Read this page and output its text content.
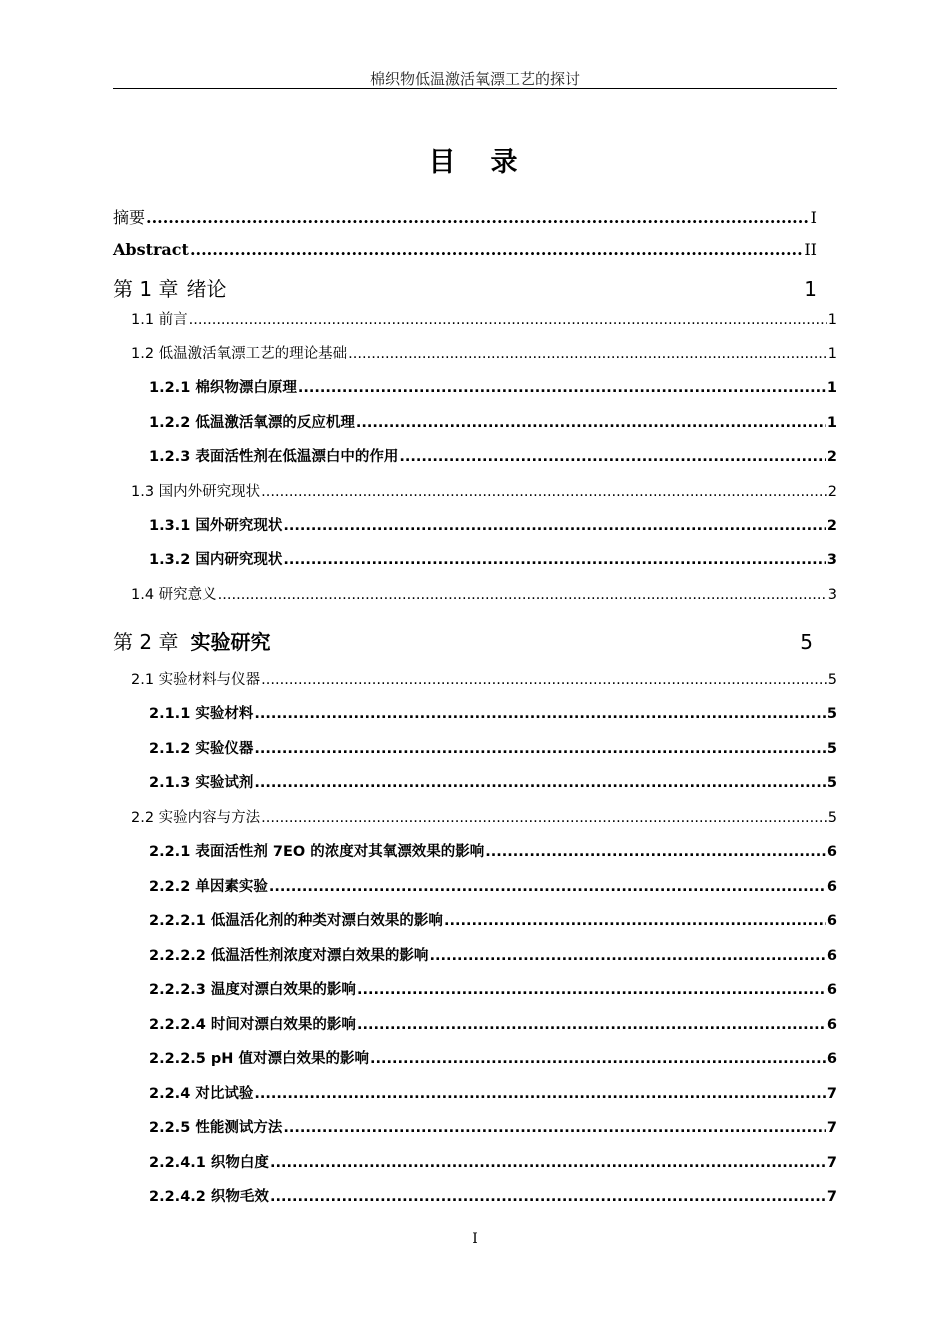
棉织物低温激活氧漂工艺的探讨
目　录
摘要 .....	I
Abstract .....	II
第 1 章 绪论	1
1.1 前言 .....	1
1.2 低温激活氧漂工艺的理论基础 .....	1
1.2.1 棉织物漂白原理 .....	1
1.2.2 低温激活氧漂的反应机理 .....	1
1.2.3 表面活性剂在低温漂白中的作用 .....	2
1.3 国内外研究现状 .....	2
1.3.1 国外研究现状 .....	2
1.3.2 国内研究现状 .....	3
1.4 研究意义 .....	3
第 2 章 实验研究	5
2.1 实验材料与仪器 .....	5
2.1.1 实验材料 .....	5
2.1.2 实验仪器 .....	5
2.1.3 实验试剂 .....	5
2.2 实验内容与方法 .....	5
2.2.1 表面活性剂 7EO 的浓度对其氧漂效果的影响 .....	6
2.2.2 单因素实验 .....	6
2.2.2.1 低温活化剂的种类对漂白效果的影响 .....	6
2.2.2.2 低温活性剂浓度对漂白效果的影响 .....	6
2.2.2.3 温度对漂白效果的影响 .....	6
2.2.2.4 时间对漂白效果的影响 .....	6
2.2.2.5 pH 值对漂白效果的影响 .....	6
2.2.4 对比试验 .....	7
2.2.5 性能测试方法 .....	7
2.2.4.1 织物白度 .....	7
2.2.4.2 织物毛效 .....	7
I
